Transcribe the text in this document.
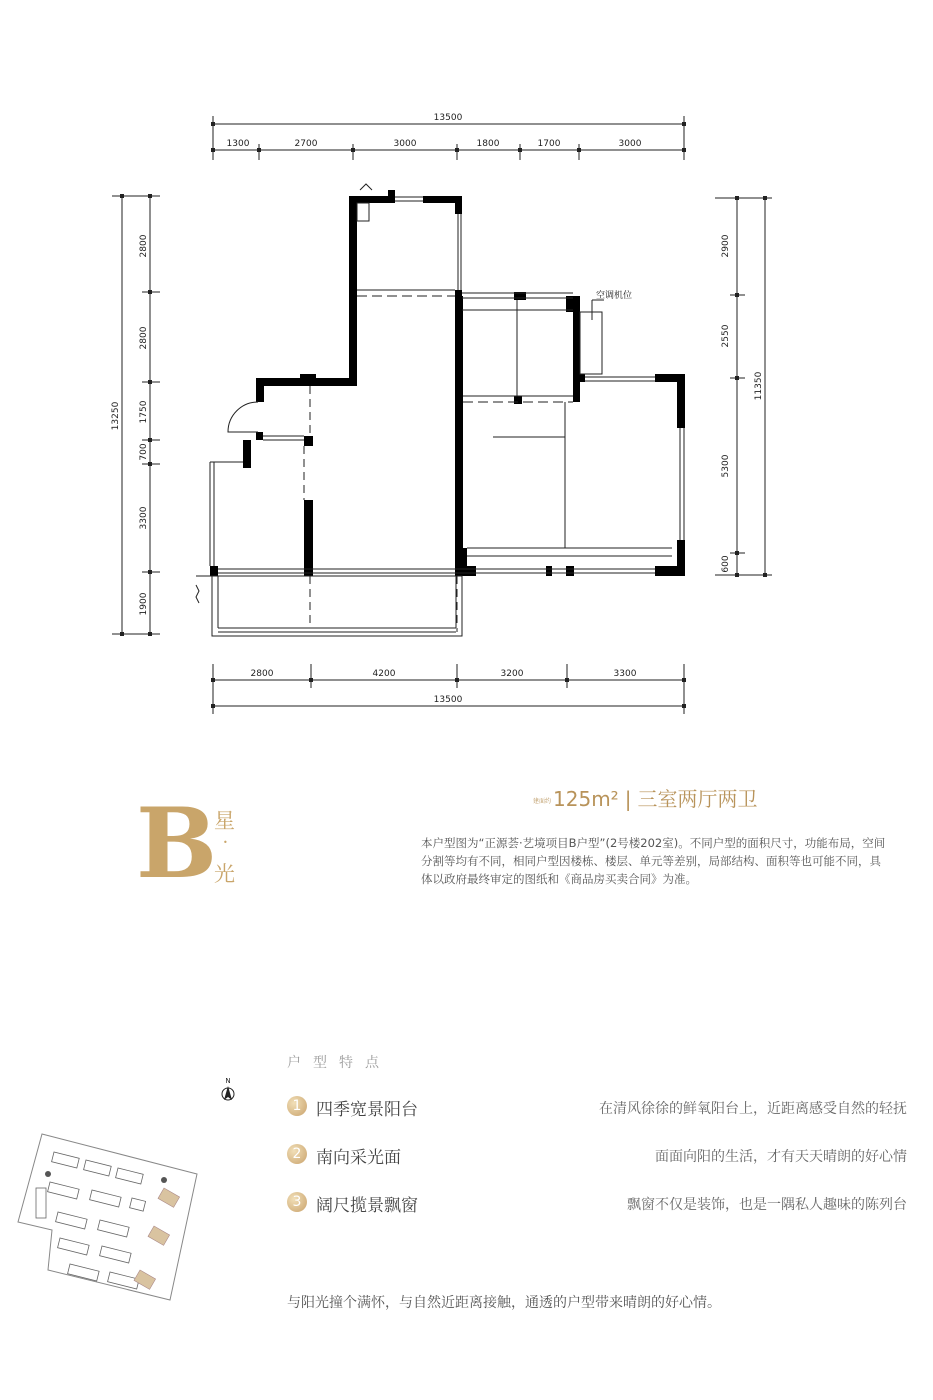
13500
1300	2700	3000	1800	1700	3000
2800	4200	3200	3300
13500
13250
2800
2800
1750
700
3300
1900
11350
2900
2550
5300
600
空调机位
B
星
•
光
建面约 125m² | 三室两厅两卫
本户型图为“正源荟·艺境项目B户型”(2号楼202室)。不同户型的面积尺寸，功能布局，空间分割等均有不同，相同户型因楼栋、楼层、单元等差别，局部结构、面积等也可能不同，具体以政府最终审定的图纸和《商品房买卖合同》为准。
户型特点
1 四季宽景阳台	在清风徐徐的鲜氧阳台上，近距离感受自然的轻抚
2 南向采光面	面面向阳的生活，才有天天晴朗的好心情
3 阔尺揽景飘窗	飘窗不仅是装饰，也是一隅私人趣味的陈列台
与阳光撞个满怀，与自然近距离接触，通透的户型带来晴朗的好心情。
N
